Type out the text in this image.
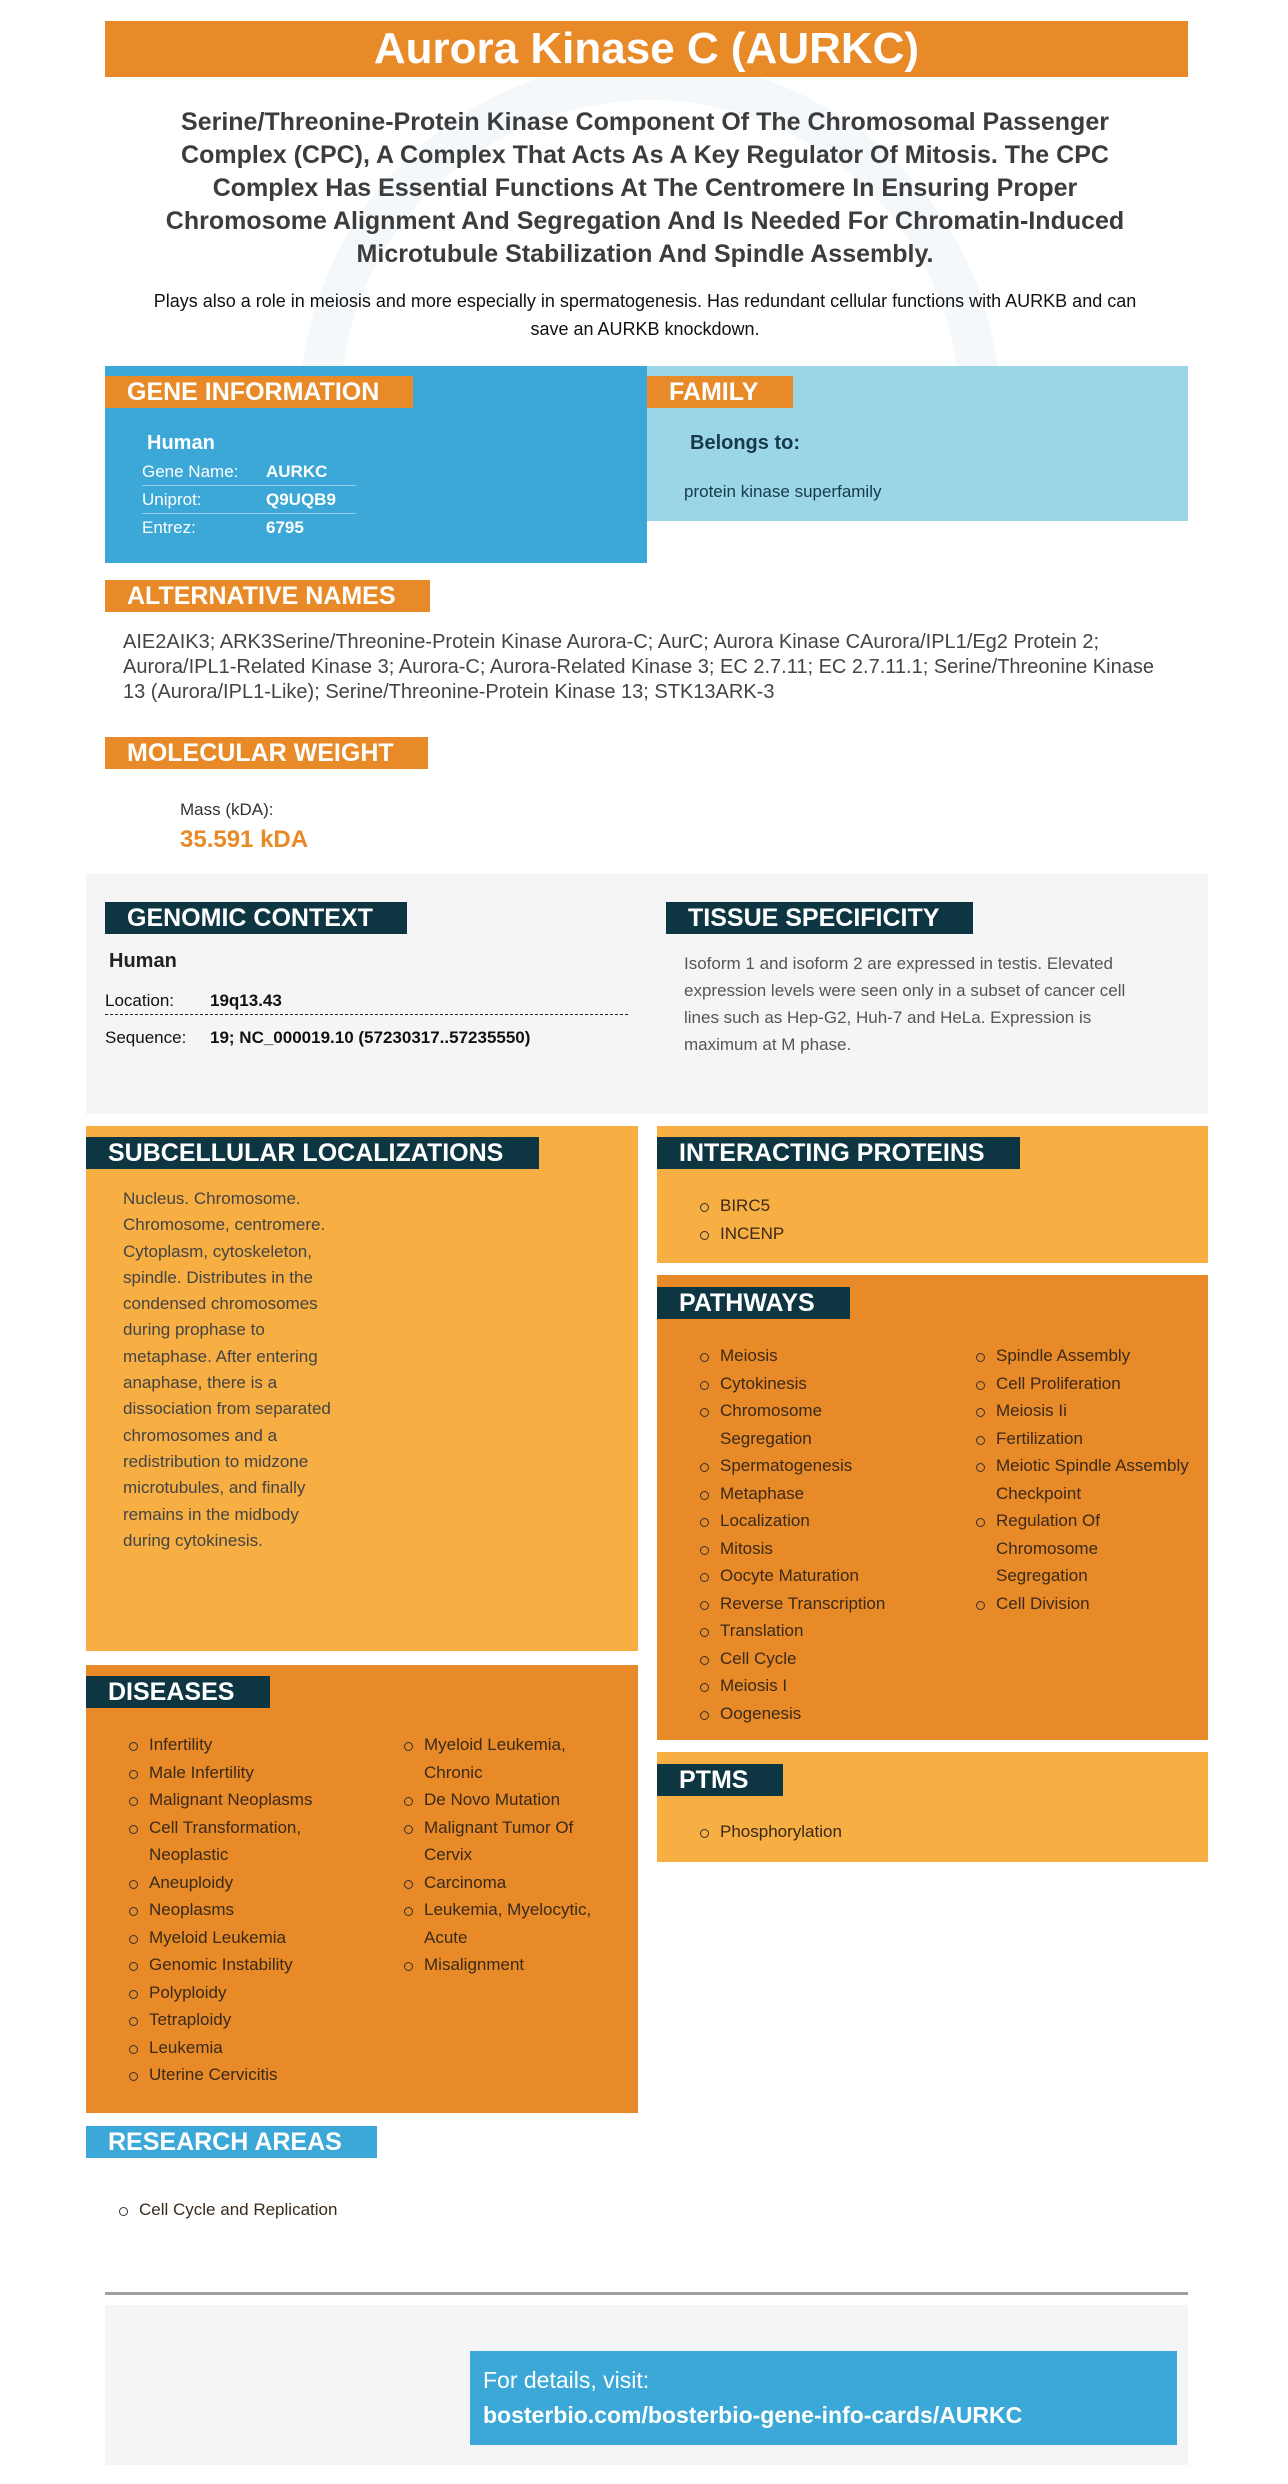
Aurora Kinase C (AURKC)
Serine/Threonine-Protein Kinase Component Of The Chromosomal Passenger Complex (CPC), A Complex That Acts As A Key Regulator Of Mitosis. The CPC Complex Has Essential Functions At The Centromere In Ensuring Proper Chromosome Alignment And Segregation And Is Needed For Chromatin-Induced Microtubule Stabilization And Spindle Assembly.
Plays also a role in meiosis and more especially in spermatogenesis. Has redundant cellular functions with AURKB and can save an AURKB knockdown.
GENE INFORMATION
Human
Gene Name: AURKC
Uniprot:	Q9UQB9
Entrez:	6795
FAMILY
Belongs to:
protein kinase superfamily
ALTERNATIVE NAMES
AIE2AIK3; ARK3Serine/Threonine-Protein Kinase Aurora-C; AurC; Aurora Kinase CAurora/IPL1/Eg2 Protein 2; Aurora/IPL1-Related Kinase 3; Aurora-C; Aurora-Related Kinase 3; EC 2.7.11; EC 2.7.11.1; Serine/Threonine Kinase 13 (Aurora/IPL1-Like); Serine/Threonine-Protein Kinase 13; STK13ARK-3
MOLECULAR WEIGHT
Mass (kDA):
35.591 kDA
GENOMIC CONTEXT
Human
Location: 19q13.43
Sequence: 19; NC_000019.10 (57230317..57235550)
TISSUE SPECIFICITY
Isoform 1 and isoform 2 are expressed in testis. Elevated expression levels were seen only in a subset of cancer cell lines such as Hep-G2, Huh-7 and HeLa. Expression is maximum at M phase.
SUBCELLULAR LOCALIZATIONS
Nucleus. Chromosome. Chromosome, centromere. Cytoplasm, cytoskeleton, spindle. Distributes in the condensed chromosomes during prophase to metaphase. After entering anaphase, there is a dissociation from separated chromosomes and a redistribution to midzone microtubules, and finally remains in the midbody during cytokinesis.
INTERACTING PROTEINS
BIRC5
INCENP
PATHWAYS
Meiosis
Cytokinesis
Chromosome Segregation
Spermatogenesis
Metaphase
Localization
Mitosis
Oocyte Maturation
Reverse Transcription
Translation
Cell Cycle
Meiosis I
Oogenesis
Spindle Assembly
Cell Proliferation
Meiosis Ii
Fertilization
Meiotic Spindle Assembly Checkpoint
Regulation Of Chromosome Segregation
Cell Division
DISEASES
Infertility
Male Infertility
Malignant Neoplasms
Cell Transformation, Neoplastic
Aneuploidy
Neoplasms
Myeloid Leukemia
Genomic Instability
Polyploidy
Tetraploidy
Leukemia
Uterine Cervicitis
Myeloid Leukemia, Chronic
De Novo Mutation
Malignant Tumor Of Cervix
Carcinoma
Leukemia, Myelocytic, Acute
Misalignment
PTMS
Phosphorylation
RESEARCH AREAS
Cell Cycle and Replication
For details, visit:
bosterbio.com/bosterbio-gene-info-cards/AURKC
